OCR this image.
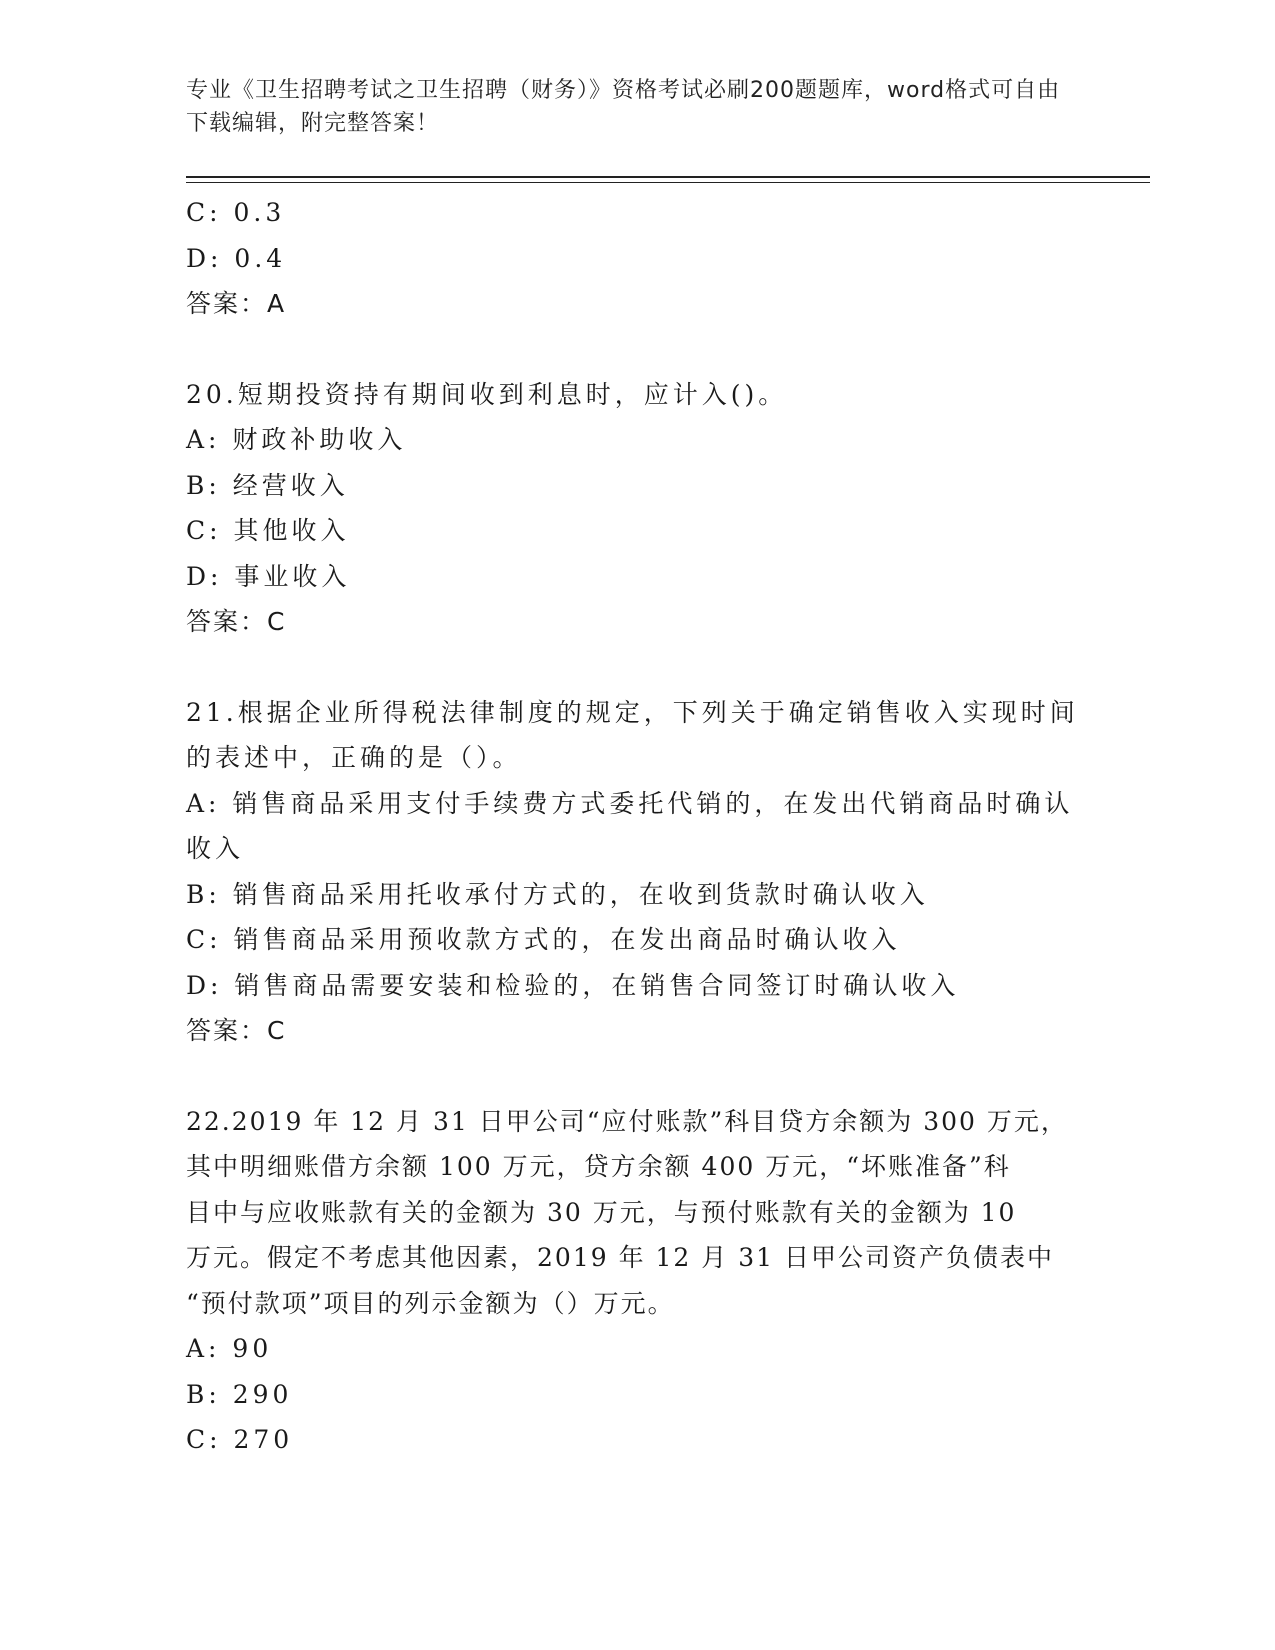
专业《卫生招聘考试之卫生招聘（财务）》资格考试必刷200题题库，word格式可自由下载编辑，附完整答案！
C: 0.3
D: 0.4
答案：A
20.短期投资持有期间收到利息时，应计入()。
A: 财政补助收入
B: 经营收入
C: 其他收入
D: 事业收入
答案：C
21.根据企业所得税法律制度的规定，下列关于确定销售收入实现时间
的表述中，正确的是（）。
A: 销售商品采用支付手续费方式委托代销的，在发出代销商品时确认
收入
B: 销售商品采用托收承付方式的，在收到货款时确认收入
C: 销售商品采用预收款方式的，在发出商品时确认收入
D: 销售商品需要安装和检验的，在销售合同签订时确认收入
答案：C
22.2019 年 12 月 31 日甲公司“应付账款”科目贷方余额为 300 万元，
其中明细账借方余额 100 万元，贷方余额 400 万元，“坏账准备”科
目中与应收账款有关的金额为 30 万元，与预付账款有关的金额为 10
万元。假定不考虑其他因素，2019 年 12 月 31 日甲公司资产负债表中
“预付款项”项目的列示金额为（）万元。
A: 90
B: 290
C: 270
